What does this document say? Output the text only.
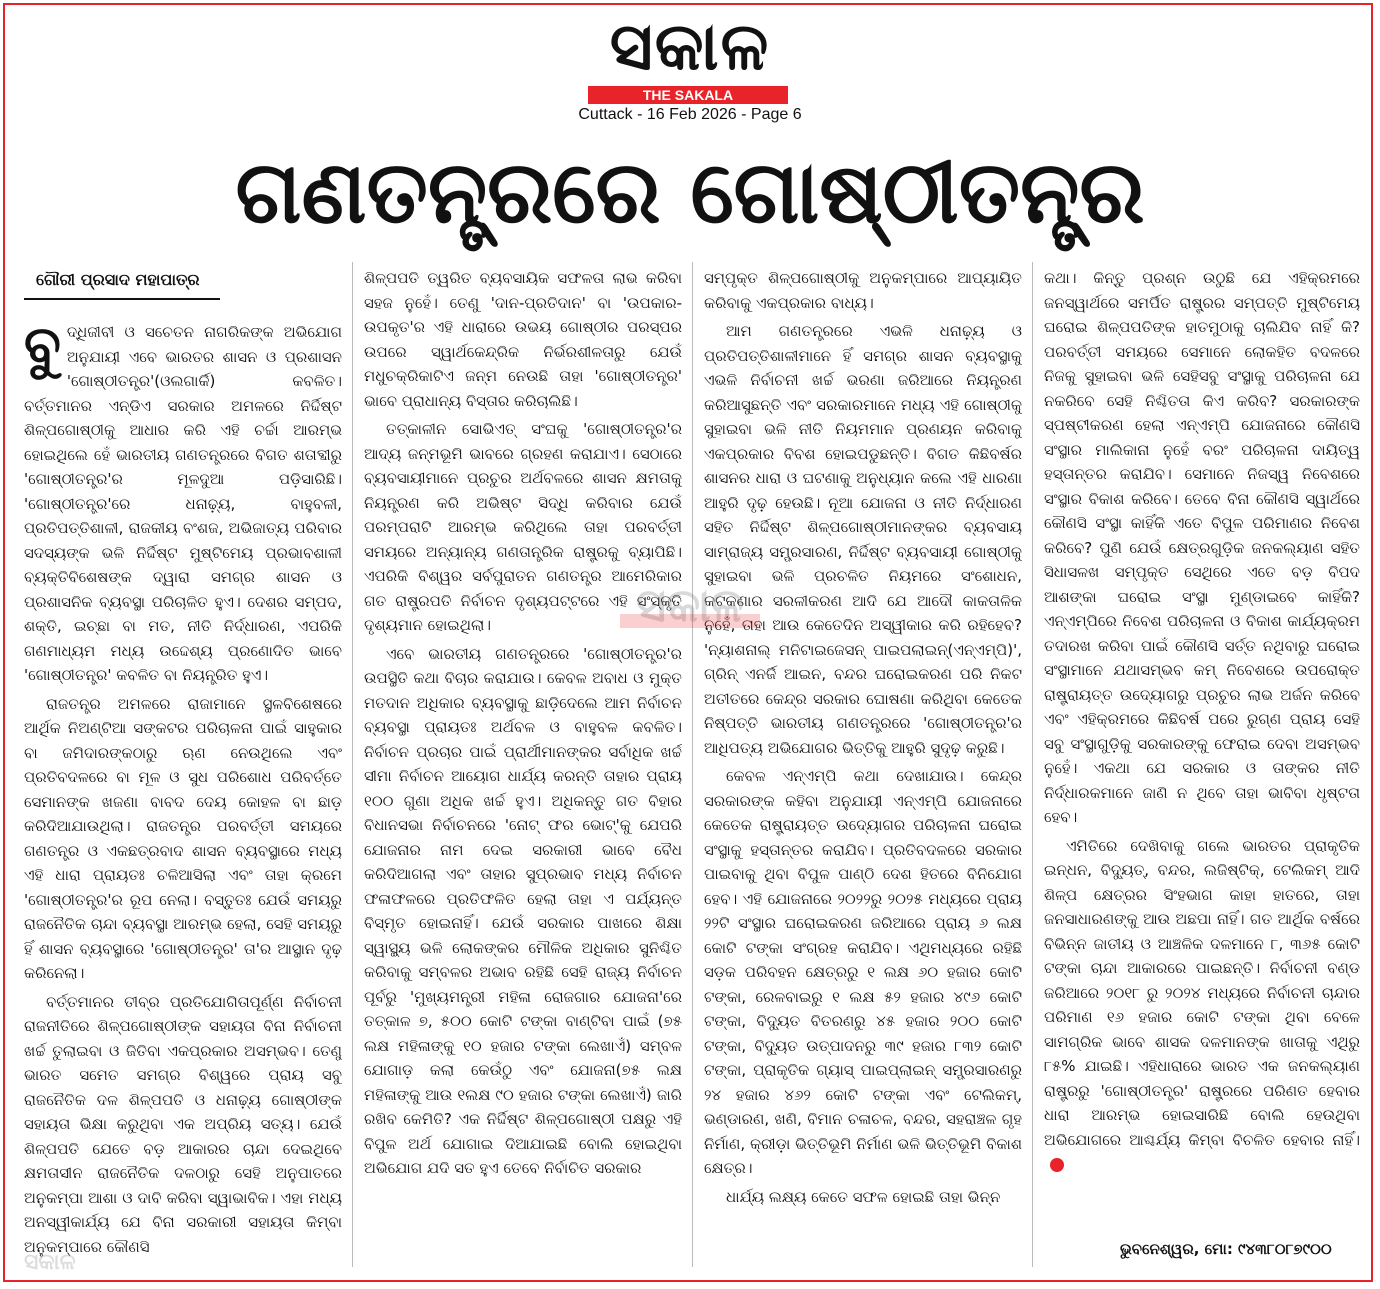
ସକାଳ
THE SAKALA
Cuttack - 16 Feb 2026 - Page 6
ଗଣତନ୍ତ୍ରରେ ଗୋଷ୍ଠୀତନ୍ତ୍ର
ଗୌରୀ ପ୍ରସାଦ ମହାପାତ୍ର

ବୁଦ୍ଧିଜୀବୀ ଓ ସଚେତନ ନାଗରିକଙ୍କ ଅଭିଯୋଗ ଅନୁଯାୟୀ ଏବେ ଭାରତର ଶାସନ ଓ ପ୍ରଶାସନ 'ଗୋଷ୍ଠୀତନ୍ତ୍ର'(ଓଲଗାର୍କି) କବଳିତ। ବର୍ତ୍ତମାନର ଏନ୍‌ଡିଏ ସରକାର ଅମଳରେ ନିର୍ଦ୍ଦିଷ୍ଟ ଶିଳ୍ପଗୋଷ୍ଠୀକୁ ଆଧାର କରି ଏହି ଚର୍ଚ୍ଚା ଆରମ୍ଭ ହୋଇଥିଲେ ହେଁ ଭାରତୀୟ ଗଣତନ୍ତ୍ରରେ ବିଗତ ଶତାବ୍ଦୀରୁ 'ଗୋଷ୍ଠୀତନ୍ତ୍ର'ର ମୂଳଦୁଆ ପଡ଼ିସାରିଛି। 'ଗୋଷ୍ଠୀତନ୍ତ୍ର'ରେ ଧନାଢ଼୍ୟ, ବାହୁବଳୀ, ପ୍ରତିପତ୍ତିଶାଳୀ, ରାଜକୀୟ ବଂଶଜ, ଅଭିଜାତ୍ୟ ପରିବାର ସଦସ୍ୟଙ୍କ ଭଳି ନିର୍ଦ୍ଦିଷ୍ଟ ମୁଷ୍ଟିମେୟ ପ୍ରଭାବଶାଳୀ ବ୍ୟକ୍ତିବିଶେଷଙ୍କ ଦ୍ୱାରା ସମଗ୍ର ଶାସନ ଓ ପ୍ରଶାସନିକ ବ୍ୟବସ୍ଥା ପରିଚାଳିତ ହୁଏ। ଦେଶର ସମ୍ପଦ, ଶକ୍ତି, ଇଚ୍ଛା ବା ମତ, ନୀତି ନିର୍ଦ୍ଧାରଣ, ଏପରିକି ଗଣମାଧ୍ୟମ ମଧ୍ୟ ଉଦ୍ଦେଶ୍ୟ ପ୍ରଣୋଦିତ ଭାବେ 'ଗୋଷ୍ଠୀତନ୍ତ୍ର' କବଳିତ ବା ନିୟନ୍ତ୍ରିତ ହୁଏ।

ରାଜତନ୍ତ୍ର ଅମଳରେ ରାଜାମାନେ ସ୍ଥଳବିଶେଷରେ ଆର୍ଥିକ ନିଅଣ୍ଟିଆ ସଙ୍କଟର ପରିଚାଳନା ପାଇଁ ସାହୁକାର ବା ଜମିଦାରଙ୍କଠାରୁ ଋଣ ନେଉଥିଲେ ଏବଂ ପ୍ରତିବଦଳରେ ବା ମୂଳ ଓ ସୁଧ ପରିଶୋଧ ପରିବର୍ତ୍ତେ ସେମାନଙ୍କ ଖଜଣା ବାବଦ ଦେୟ କୋହଳ ବା ଛାଡ଼ କରିଦିଆଯାଉଥିଲା। ରାଜତନ୍ତ୍ର ପରବର୍ତ୍ତୀ ସମୟରେ ଗଣତନ୍ତ୍ର ଓ ଏକଛତ୍ରବାଦ ଶାସନ ବ୍ୟବସ୍ଥାରେ ମଧ୍ୟ ଏହି ଧାରା ପ୍ରାୟତଃ ଚଳିଆସିଲା ଏବଂ ତାହା କ୍ରମେ 'ଗୋଷ୍ଠୀତନ୍ତ୍ର'ର ରୂପ ନେଲା। ବସ୍ତୁତଃ ଯେଉଁ ସମୟରୁ ରାଜନୈତିକ ଚାନ୍ଦା ବ୍ୟବସ୍ଥା ଆରମ୍ଭ ହେଲା, ସେହି ସମୟରୁ ହିଁ ଶାସନ ବ୍ୟବସ୍ଥାରେ 'ଗୋଷ୍ଠୀତନ୍ତ୍ର' ତା'ର ଆସ୍ଥାନ ଦୃଢ଼ କରିନେଲା।

ବର୍ତ୍ତମାନର ତୀବ୍ର ପ୍ରତିଯୋଗିତାପୂର୍ଣ୍ଣ ନିର୍ବାଚନୀ ରାଜନୀତିରେ ଶିଳ୍ପଗୋଷ୍ଠୀଙ୍କ ସହାୟତା ବିନା ନିର୍ବାଚନୀ ଖର୍ଚ୍ଚ ତୁଲାଇବା ଓ ଜିତିବା ଏକପ୍ରକାର ଅସମ୍ଭବ। ତେଣୁ ଭାରତ ସମେତ ସମଗ୍ର ବିଶ୍ୱରେ ପ୍ରାୟ ସବୁ ରାଜନୈତିକ ଦଳ ଶିଳ୍ପପତି ଓ ଧନାଢ଼୍ୟ ଗୋଷ୍ଠୀଙ୍କ ସହାୟତା ଭିକ୍ଷା କରୁଥିବା ଏକ ଅପ୍ରିୟ ସତ୍ୟ। ଯେଉଁ ଶିଳ୍ପପତି ଯେତେ ବଡ଼ ଆକାରର ଚାନ୍ଦା ଦେଇଥିବେ କ୍ଷମତାସୀନ ରାଜନୈତିକ ଦଳଠାରୁ ସେହି ଅନୁପାତରେ ଅନୁକମ୍ପା ଆଶା ଓ ଦାବି କରିବା ସ୍ୱାଭାବିକ। ଏହା ମଧ୍ୟ ଅନସ୍ୱୀକାର୍ଯ୍ୟ ଯେ ବିନା ସରକାରୀ ସହାୟତା କିମ୍ବା ଅନୁକମ୍ପାରେ କୌଣସି

ଶିଳ୍ପପତି ତ୍ୱରିତ ବ୍ୟବସାୟିକ ସଫଳତା ଲାଭ କରିବା ସହଜ ନୁହେଁ। ତେଣୁ 'ଦାନ-ପ୍ରତିଦାନ' ବା 'ଉପକାର-ଉପକୃତ'ର ଏହି ଧାରାରେ ଉଭୟ ଗୋଷ୍ଠୀର ପରସ୍ପର ଉପରେ ସ୍ୱାର୍ଥକେନ୍ଦ୍ରିକ ନିର୍ଭରଶୀଳତାରୁ ଯେଉଁ ମଧୁଚକ୍ରିକାଟିଏ ଜନ୍ମ ନେଉଛି ତାହା 'ଗୋଷ୍ଠୀତନ୍ତ୍ର' ଭାବେ ପ୍ରାଧାନ୍ୟ ବିସ୍ତାର କରିଚାଲିଛି।

ତତ୍କାଳୀନ ସୋଭିଏତ୍ ସଂଘକୁ 'ଗୋଷ୍ଠୀତନ୍ତ୍ର'ର ଆଦ୍ୟ ଜନ୍ମଭୂମି ଭାବରେ ଗ୍ରହଣ କରାଯାଏ। ସେଠାରେ ବ୍ୟବସାୟୀମାନେ ପ୍ରଚୁର ଅର୍ଥବଳରେ ଶାସନ କ୍ଷମତାକୁ ନିୟନ୍ତ୍ରଣ କରି ଅଭିଷ୍ଟ ସିଦ୍ଧି କରିବାର ଯେଉଁ ପରମ୍ପରାଟି ଆରମ୍ଭ କରିଥିଲେ ତାହା ପରବର୍ତ୍ତୀ ସମୟରେ ଅନ୍ୟାନ୍ୟ ଗଣତାନ୍ତ୍ରିକ ରାଷ୍ଟ୍ରକୁ ବ୍ୟାପିଛି। ଏପରିକି ବିଶ୍ୱର ସର୍ବପୁରାତନ ଗଣତନ୍ତ୍ର ଆମେରିକାର ଗତ ରାଷ୍ଟ୍ରପତି ନିର୍ବାଚନ ଦୃଶ୍ୟପଟ୍ଟରେ ଏହି ସଂସ୍କୃତି ଦୃଶ୍ୟମାନ ହୋଇଥିଲା।

ଏବେ ଭାରତୀୟ ଗଣତନ୍ତ୍ରରେ 'ଗୋଷ୍ଠୀତନ୍ତ୍ର'ର ଉପସ୍ଥିତି କଥା ବିଚାର କରାଯାଉ। କେବଳ ଅବାଧ ଓ ମୁକ୍ତ ମତଦାନ ଅଧିକାର ବ୍ୟବସ୍ଥାକୁ ଛାଡ଼ିଦେଲେ ଆମ ନିର୍ବାଚନ ବ୍ୟବସ୍ଥା ପ୍ରାୟତଃ ଅର୍ଥବଳ ଓ ବାହୁବଳ କବଳିତ। ନିର୍ବାଚନ ପ୍ରଚାର ପାଇଁ ପ୍ରାର୍ଥୀମାନଙ୍କର ସର୍ବାଧିକ ଖର୍ଚ୍ଚ ସୀମା ନିର୍ବାଚନ ଆୟୋଗ ଧାର୍ଯ୍ୟ କରନ୍ତି ତାହାର ପ୍ରାୟ ୧୦୦ ଗୁଣା ଅଧିକ ଖର୍ଚ୍ଚ ହୁଏ। ଅଧିକନ୍ତୁ ଗତ ବିହାର ବିଧାନସଭା ନିର୍ବାଚନରେ 'ନୋଟ୍ ଫର ଭୋଟ୍'କୁ ଯେପରି ଯୋଜନାର ନାମ ଦେଇ ସରକାରୀ ଭାବେ ବୈଧ କରିଦିଆଗଲା ଏବଂ ତାହାର ସୁପ୍ରଭାବ ମଧ୍ୟ ନିର୍ବାଚନ ଫଳାଫଳରେ ପ୍ରତିଫଳିତ ହେଲା ତାହା ଏ ପର୍ଯ୍ୟନ୍ତ ବିସ୍ମୃତ ହୋଇନାହିଁ। ଯେଉଁ ସରକାର ପାଖରେ ଶିକ୍ଷା ସ୍ୱାସ୍ଥ୍ୟ ଭଳି ଲୋକଙ୍କର ମୌଳିକ ଅଧିକାର ସୁନିଶ୍ଚିତ କରିବାକୁ ସମ୍ବଳର ଅଭାବ ରହିଛି ସେହି ରାଜ୍ୟ ନିର୍ବାଚନ ପୂର୍ବରୁ 'ମୁଖ୍ୟମନ୍ତ୍ରୀ ମହିଳା ରୋଜଗାର ଯୋଜନା'ରେ ତତ୍କାଳ ୭, ୫୦୦ କୋଟି ଟଙ୍କା ବାଣ୍ଟିବା ପାଇଁ (୭୫ ଲକ୍ଷ ମହିଳାଙ୍କୁ ୧୦ ହଜାର ଟଙ୍କା ଲେଖାଏଁ) ସମ୍ବଳ ଯୋଗାଡ଼ କଲା କେଉଁଠୁ ଏବଂ ଯୋଜନା(୭୫ ଲକ୍ଷ ମହିଳାଙ୍କୁ ଆଉ ୧ଲକ୍ଷ ୯୦ ହଜାର ଟଙ୍କା ଲେଖାଏଁ) ଜାରି ରଖିବ କେମିତି? ଏକ ନିର୍ଦ୍ଦିଷ୍ଟ ଶିଳ୍ପଗୋଷ୍ଠୀ ପକ୍ଷରୁ ଏହି ବିପୁଳ ଅର୍ଥ ଯୋଗାଇ ଦିଆଯାଇଛି ବୋଲି ହୋଇଥିବା ଅଭିଯୋଗ ଯଦି ସତ ହୁଏ ତେବେ ନିର୍ବାଚିତ ସରକାର

ସମ୍ପୃକ୍ତ ଶିଳ୍ପଗୋଷ୍ଠୀକୁ ଅନୁକମ୍ପାରେ ଆପ୍ୟାୟିତ କରିବାକୁ ଏକପ୍ରକାର ବାଧ୍ୟ।

ଆମ ଗଣତନ୍ତ୍ରରେ ଏଭଳି ଧନାଢ଼୍ୟ ଓ ପ୍ରତିପତ୍ତିଶାଳୀମାନେ ହିଁ ସମଗ୍ର ଶାସନ ବ୍ୟବସ୍ଥାକୁ ଏଭଳି ନିର୍ବାଚନୀ ଖର୍ଚ୍ଚ ଭରଣା ଜରିଆରେ ନିୟନ୍ତ୍ରଣ କରିଆସୁଛନ୍ତି ଏବଂ ସରକାରମାନେ ମଧ୍ୟ ଏହି ଗୋଷ୍ଠୀକୁ ସୁହାଇବା ଭଳି ନୀତି ନିୟମମାନ ପ୍ରଣୟନ କରିବାକୁ ଏକପ୍ରକାର ବିବଶ ହୋଇପଡୁଛନ୍ତି। ବିଗତ କିଛିବର୍ଷର ଶାସନର ଧାରା ଓ ଘଟଣାକୁ ଅନୁଧ୍ୟାନ କଲେ ଏହି ଧାରଣା ଆହୁରି ଦୃଢ଼ ହେଉଛି। ନୂଆ ଯୋଜନା ଓ ନୀତି ନିର୍ଦ୍ଧାରଣ ସହିତ ନିର୍ଦ୍ଦିଷ୍ଟ ଶିଳ୍ପଗୋଷ୍ଠୀମାନଙ୍କର ବ୍ୟବସାୟ ସାମ୍ରାଜ୍ୟ ସମ୍ପ୍ରସାରଣ, ନିର୍ଦ୍ଦିଷ୍ଟ ବ୍ୟବସାୟୀ ଗୋଷ୍ଠୀକୁ ସୁହାଇବା ଭଳି ପ୍ରଚଳିତ ନିୟମରେ ସଂଶୋଧନ, କଟକଣାର ସରଳୀକରଣ ଆଦି ଯେ ଆଦୌ କାକତାଳିକ ନୁହେଁ, ତାହା ଆଉ କେତେଦିନ ଅସ୍ୱୀକାର କରି ରହିହେବ? 'ନ୍ୟାଶନାଲ୍ ମନିଟାଇଜେସନ୍ ପାଇପଲାଇନ୍(ଏନ୍‌ଏମ୍‌ପି)', ଗ୍ରିନ୍ ଏନର୍ଜି ଆଇନ, ବନ୍ଦର ଘରୋଇକରଣ ପରି ନିକଟ ଅତୀତରେ କେନ୍ଦ୍ର ସରକାର ଘୋଷଣା କରିଥିବା କେତେକ ନିଷ୍ପତ୍ତି ଭାରତୀୟ ଗଣତନ୍ତ୍ରରେ 'ଗୋଷ୍ଠୀତନ୍ତ୍ର'ର ଆଧିପତ୍ୟ ଅଭିଯୋଗର ଭିତ୍ତିକୁ ଆହୁରି ସୁଦୃଢ଼ କରୁଛି।

କେବଳ ଏନ୍‌ଏମ୍‌ପି କଥା ଦେଖାଯାଉ। କେନ୍ଦ୍ର ସରକାରଙ୍କ କହିବା ଅନୁଯାୟୀ ଏନ୍‌ଏମ୍‌ପି ଯୋଜନାରେ କେତେକ ରାଷ୍ଟ୍ରାୟତ୍ତ ଉଦ୍ୟୋଗର ପରିଚାଳନା ଘରୋଇ ସଂସ୍ଥାକୁ ହସ୍ତାନ୍ତର କରାଯିବ। ପ୍ରତିବଦଳରେ ସରକାର ପାଇବାକୁ ଥିବା ବିପୁଳ ପାଣ୍ଠି ଦେଶ ହିତରେ ବିନିଯୋଗ ହେବ। ଏହି ଯୋଜନାରେ ୨୦୨୨ରୁ ୨୦୨୫ ମଧ୍ୟରେ ପ୍ରାୟ ୨୨ଟି ସଂସ୍ଥାର ଘରୋଇକରଣ ଜରିଆରେ ପ୍ରାୟ ୬ ଲକ୍ଷ କୋଟି ଟଙ୍କା ସଂଗ୍ରହ କରାଯିବ। ଏଥିମଧ୍ୟରେ ରହିଛି ସଡ଼କ ପରିବହନ କ୍ଷେତ୍ରରୁ ୧ ଲକ୍ଷ ୬୦ ହଜାର କୋଟି ଟଙ୍କା, ରେଳବାଇରୁ ୧ ଲକ୍ଷ ୫୨ ହଜାର ୪୯୬ କୋଟି ଟଙ୍କା, ବିଦ୍ୟୁତ ବିତରଣରୁ ୪୫ ହଜାର ୨୦୦ କୋଟି ଟଙ୍କା, ବିଦ୍ୟୁତ ଉତ୍ପାଦନରୁ ୩୯ ହଜାର ୮୩୨ କୋଟି ଟଙ୍କା, ପ୍ରାକୃତିକ ଗ୍ୟାସ୍ ପାଇପ୍‌ଲାଇନ୍ ସମ୍ପ୍ରସାରଣରୁ ୨୪ ହଜାର ୪୬୨ କୋଟି ଟଙ୍କା ଏବଂ ଟେଲିକମ୍, ଭଣ୍ଡାରଣ, ଖଣି, ବିମାନ ଚଳାଚଳ, ବନ୍ଦର, ସହରାଞ୍ଚଳ ଗୃହ ନିର୍ମାଣ, କ୍ରୀଡ଼ା ଭିତ୍ତିଭୂମି ନିର୍ମାଣ ଭଳି ଭିତ୍ତିଭୂମି ବିକାଶ କ୍ଷେତ୍ର।

ଧାର୍ଯ୍ୟ ଲକ୍ଷ୍ୟ କେତେ ସଫଳ ହୋଇଛି ତାହା ଭିନ୍ନ

କଥା। କିନ୍ତୁ ପ୍ରଶ୍ନ ଉଠୁଛି ଯେ ଏହିକ୍ରମରେ ଜନସ୍ୱାର୍ଥରେ ସମର୍ପିତ ରାଷ୍ଟ୍ରର ସମ୍ପତ୍ତି ମୁଷ୍ଟିମେୟ ଘରୋଇ ଶିଳ୍ପପତିଙ୍କ ହାତମୁଠାକୁ ଚାଲିଯିବ ନାହିଁ କି? ପରବର୍ତ୍ତୀ ସମୟରେ ସେମାନେ ଲୋକହିତ ବଦଳରେ ନିଜକୁ ସୁହାଇବା ଭଳି ସେହିସବୁ ସଂସ୍ଥାକୁ ପରିଚାଳନା ଯେ ନକରିବେ ସେହି ନିଶ୍ଚିତତା କିଏ କରିବ? ସରକାରଙ୍କ ସ୍ପଷ୍ଟୀକରଣ ହେଲା ଏନ୍‌ଏମ୍‌ପି ଯୋଜନାରେ କୌଣସି ସଂସ୍ଥାର ମାଲିକାନା ନୁହେଁ ବରଂ ପରିଚାଳନା ଦାୟିତ୍ୱ ହସ୍ତାନ୍ତର କରାଯିବ। ସେମାନେ ନିଜସ୍ୱ ନିବେଶରେ ସଂସ୍ଥାର ବିକାଶ କରିବେ। ତେବେ ବିନା କୌଣସି ସ୍ୱାର୍ଥରେ କୌଣସି ସଂସ୍ଥା କାହିଁକି ଏତେ ବିପୁଳ ପରିମାଣର ନିବେଶ କରିବେ? ପୁଣି ଯେଉଁ କ୍ଷେତ୍ରଗୁଡ଼ିକ ଜନକଲ୍ୟାଣ ସହିତ ସିଧାସଳଖ ସମ୍ପୃକ୍ତ ସେଥିରେ ଏତେ ବଡ଼ ବିପଦ ଆଶଙ୍କା ଘରୋଇ ସଂସ୍ଥା ମୁଣ୍ଡାଇବେ କାହିଁକି? ଏନ୍‌ଏମ୍‌ପିରେ ନିବେଶ ପରିଚାଳନା ଓ ବିକାଶ କାର୍ଯ୍ୟକ୍ରମ ତଦାରଖ କରିବା ପାଇଁ କୌଣସି ସର୍ତ୍ତ ନଥିବାରୁ ଘରୋଇ ସଂସ୍ଥାମାନେ ଯଥାସମ୍ଭବ କମ୍ ନିବେଶରେ ଉପରୋକ୍ତ ରାଷ୍ଟ୍ରାୟତ୍ତ ଉଦ୍ୟୋଗରୁ ପ୍ରଚୁର ଲାଭ ଅର୍ଜନ କରିବେ ଏବଂ ଏହିକ୍ରମରେ କିଛିବର୍ଷ ପରେ ରୁଗ୍ଣ ପ୍ରାୟ ସେହି ସବୁ ସଂସ୍ଥାଗୁଡ଼ିକୁ ସରକାରଙ୍କୁ ଫେରାଇ ଦେବା ଅସମ୍ଭବ ନୁହେଁ। ଏକଥା ଯେ ସରକାର ଓ ତାଙ୍କର ନୀତି ନିର୍ଦ୍ଧାରକମାନେ ଜାଣି ନ ଥିବେ ତାହା ଭାବିବା ଧୃଷ୍ଟତା ହେବ।

ଏମିତିରେ ଦେଖିବାକୁ ଗଲେ ଭାରତର ପ୍ରାକୃତିକ ଇନ୍ଧନ, ବିଦ୍ୟୁତ୍, ବନ୍ଦର, ଲଜିଷ୍ଟିକ୍, ଟେଲିକମ୍ ଆଦି ଶିଳ୍ପ କ୍ଷେତ୍ରର ସିଂହଭାଗ କାହା ହାତରେ, ତାହା ଜନସାଧାରଣଙ୍କୁ ଆଉ ଅଛପା ନାହିଁ। ଗତ ଆର୍ଥିକ ବର୍ଷରେ ବିଭିନ୍ନ ଜାତୀୟ ଓ ଆଞ୍ଚଳିକ ଦଳମାନେ ୮, ୩୬୫ କୋଟି ଟଙ୍କା ଚାନ୍ଦା ଆକାରରେ ପାଇଛନ୍ତି। ନିର୍ବାଚନୀ ବଣ୍ଡ ଜରିଆରେ ୨୦୧୮ ରୁ ୨୦୨୪ ମଧ୍ୟରେ ନିର୍ବାଚନୀ ଚାନ୍ଦାର ପରିମାଣ ୧୬ ହଜାର କୋଟି ଟଙ୍କା ଥିବା ବେଳେ ସାମଗ୍ରିକ ଭାବେ ଶାସକ ଦଳମାନଙ୍କ ଖାତାକୁ ଏଥିରୁ ୮୫% ଯାଇଛି। ଏହିଧାରାରେ ଭାରତ ଏକ ଜନକଲ୍ୟାଣ ରାଷ୍ଟ୍ରରୁ 'ଗୋଷ୍ଠୀତନ୍ତ୍ର' ରାଷ୍ଟ୍ରରେ ପରିଣତ ହେବାର ଧାରା ଆରମ୍ଭ ହୋଇସାରିଛି ବୋଲି ହେଉଥିବା ଅଭିଯୋଗରେ ଆଶ୍ଚର୍ଯ୍ୟ କିମ୍ବା ବିଚଳିତ ହେବାର ନାହିଁ।

ଭୁବନେଶ୍ୱର, ମୋ: ୯୪୩୮୦୮୭୯୦୦
ସକାଳ
ସକାଳ
